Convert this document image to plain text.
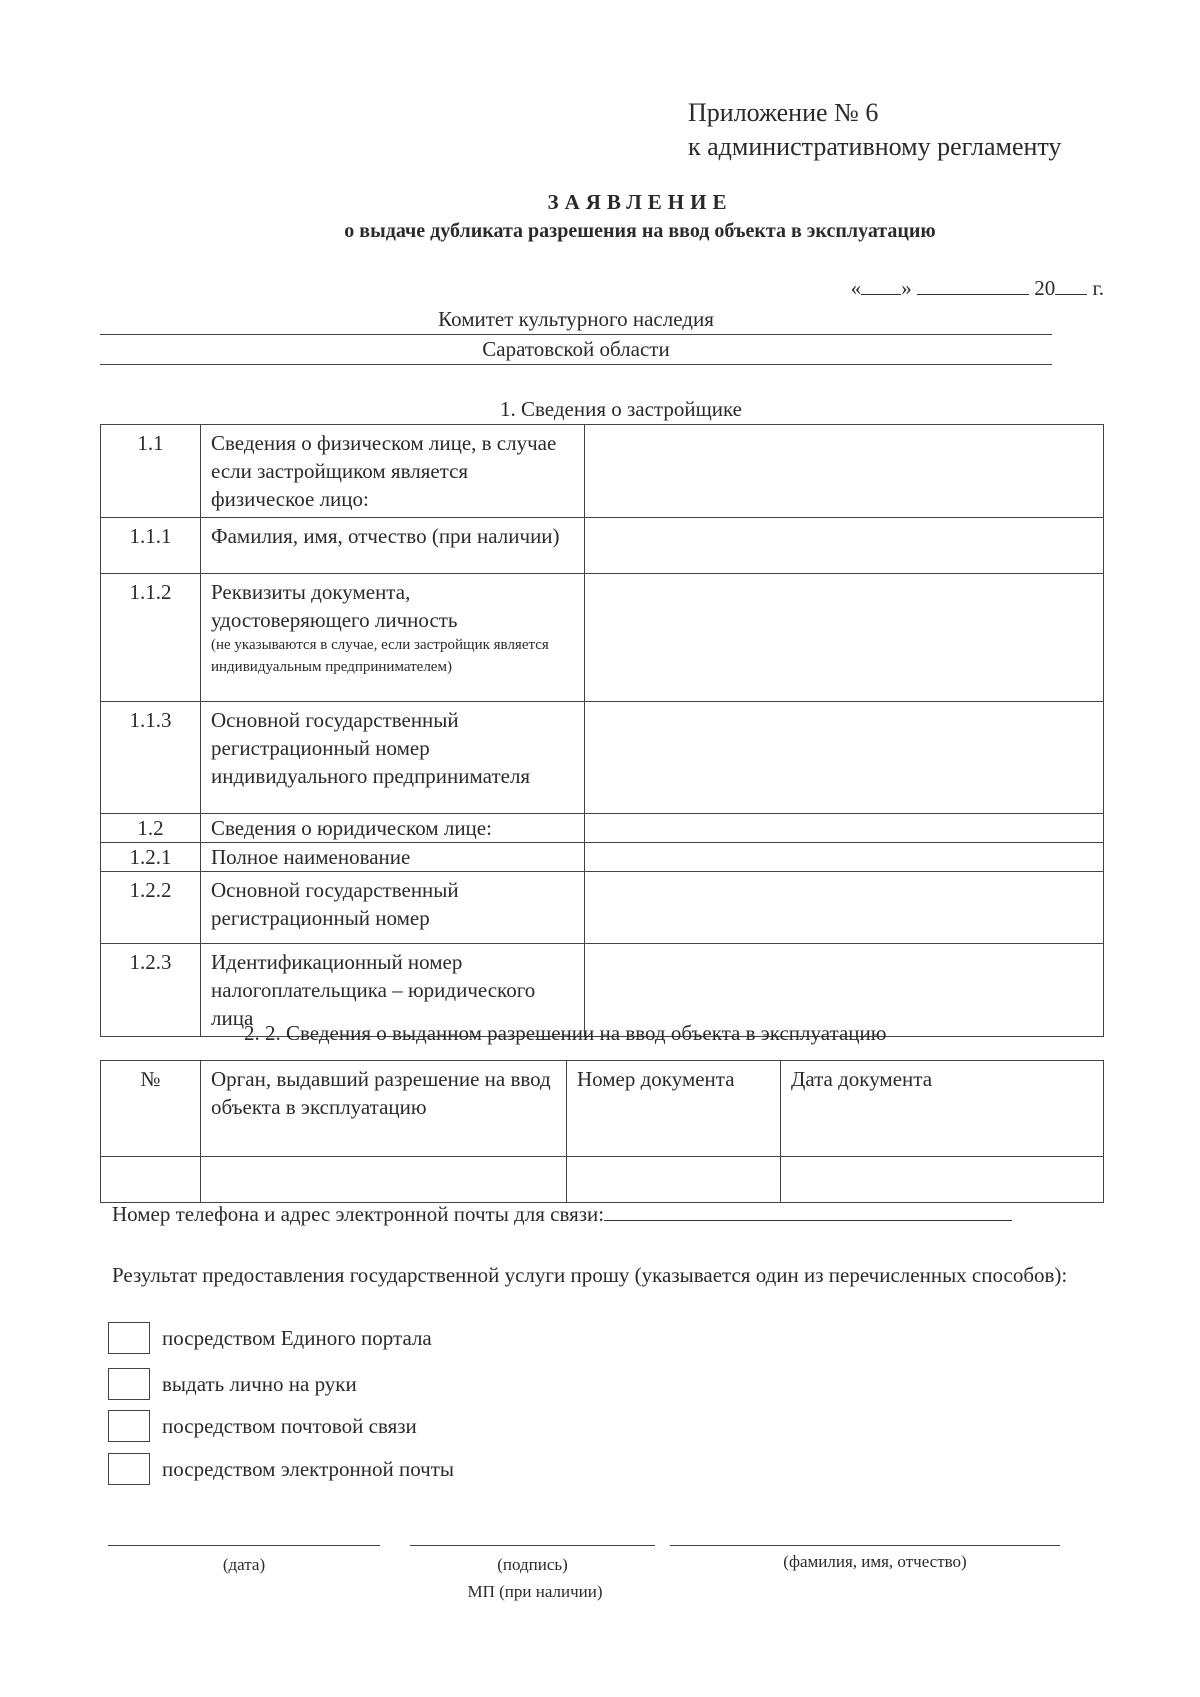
Приложение № 6
к административному регламенту
ЗАЯВЛЕНИЕ
о выдаче дубликата разрешения на ввод объекта в эксплуатацию
« »	20 г.
Комитет культурного наследия
Саратовской области
1. Сведения о застройщике
1.1	Сведения о физическом лице, в случае если застройщиком является физическое лицо:	
1.1.1	Фамилия, имя, отчество (при наличии)	
1.1.2	Реквизиты документа, удостоверяющего личность
(не указываются в случае, если застройщик является индивидуальным предпринимателем)	

1.1.3	Основной государственный регистрационный номер индивидуального предпринимателя	
1.2	Сведения о юридическом лице:	
1.2.1	Полное наименование	
1.2.2	Основной государственный регистрационный номер	
1.2.3	Идентификационный номер налогоплательщика – юридического лица	
2. 2. Сведения о выданном разрешении на ввод объекта в эксплуатацию
№	Орган, выдавший разрешение на ввод объекта в эксплуатацию	Номер документа	Дата документа

Номер телефона и адрес электронной почты для связи:
Результат предоставления государственной услуги прошу (указывается один из перечисленных способов):
посредством Единого портала
выдать лично на руки
посредством почтовой связи
посредством электронной почты
(дата)	(подпись)	(фамилия, имя, отчество)
МП (при наличии)
